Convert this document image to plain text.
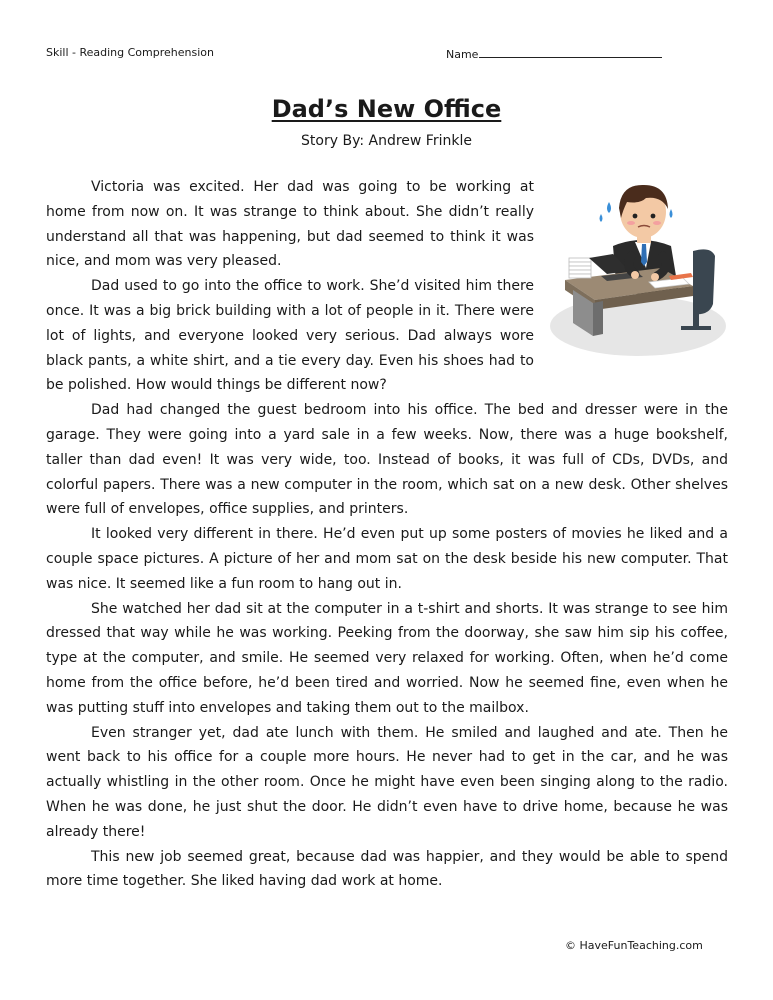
Skill - Reading Comprehension	Name
Dad’s New Office
Story By: Andrew Frinkle

Victoria was excited. Her dad was going to be working at home from now on. It was strange to think about. She didn’t really understand all that was happening, but dad seemed to think it was nice, and mom was very pleased.

Dad used to go into the office to work. She’d visited him there once. It was a big brick building with a lot of people in it. There were lot of lights, and everyone looked very serious. Dad always wore black pants, a white shirt, and a tie every day. Even his shoes had to be polished. How would things be different now?

Dad had changed the guest bedroom into his office. The bed and dresser were in the garage. They were going into a yard sale in a few weeks. Now, there was a huge bookshelf, taller than dad even! It was very wide, too. Instead of books, it was full of CDs, DVDs, and colorful papers. There was a new computer in the room, which sat on a new desk. Other shelves were full of envelopes, office supplies, and printers.

It looked very different in there. He’d even put up some posters of movies he liked and a couple space pictures. A picture of her and mom sat on the desk beside his new computer. That was nice. It seemed like a fun room to hang out in.

She watched her dad sit at the computer in a t-shirt and shorts. It was strange to see him dressed that way while he was working. Peeking from the doorway, she saw him sip his coffee, type at the computer, and smile. He seemed very relaxed for working. Often, when he’d come home from the office before, he’d been tired and worried. Now he seemed fine, even when he was putting stuff into envelopes and taking them out to the mailbox.

Even stranger yet, dad ate lunch with them. He smiled and laughed and ate. Then he went back to his office for a couple more hours. He never had to get in the car, and he was actually whistling in the other room. Once he might have even been singing along to the radio. When he was done, he just shut the door. He didn’t even have to drive home, because he was already there!

This new job seemed great, because dad was happier, and they would be able to spend more time together. She liked having dad work at home.

© HaveFunTeaching.com
